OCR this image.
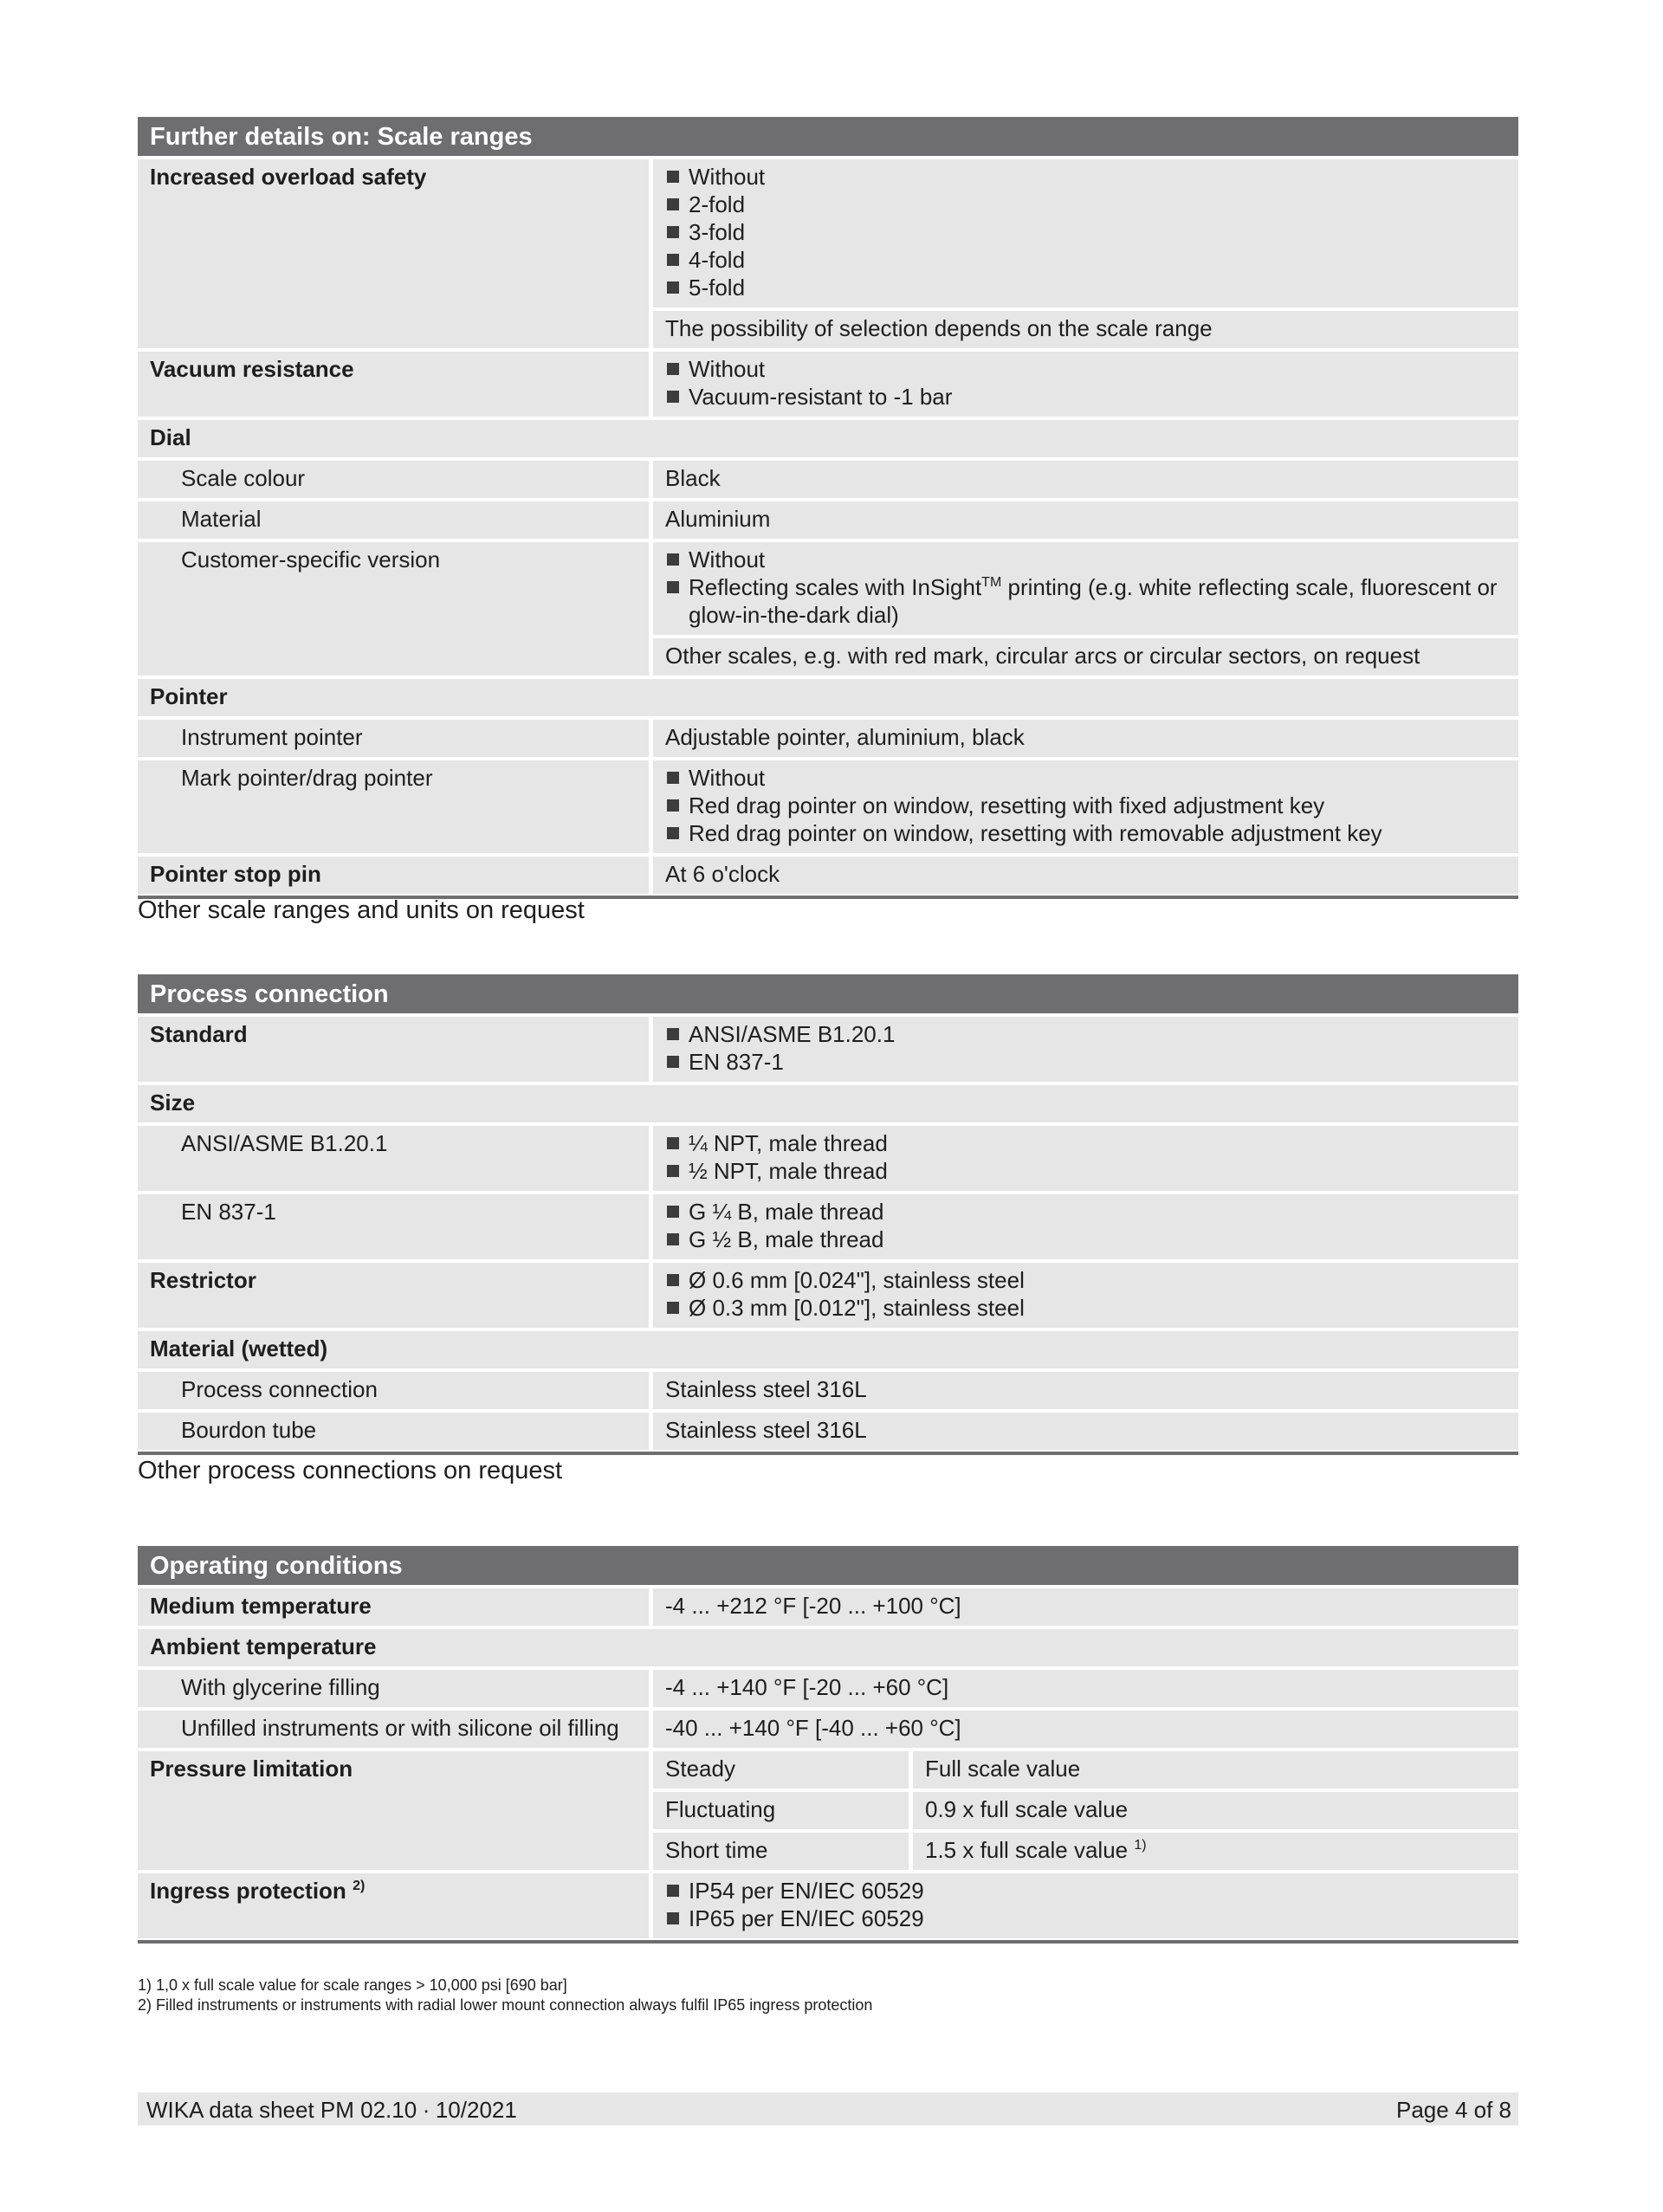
Further details on: Scale ranges
Increased overload safety	Without
2-fold
3-fold
4-fold
5-fold
The possibility of selection depends on the scale range
Vacuum resistance	Without
Vacuum-resistant to -1 bar
Dial
Scale colour	Black
Material	Aluminium
Customer-specific version	Without
Reflecting scales with InSight™ printing (e.g. white reflecting scale, fluorescent or glow-in-the-dark dial)
Other scales, e.g. with red mark, circular arcs or circular sectors, on request
Pointer
Instrument pointer	Adjustable pointer, aluminium, black
Mark pointer/drag pointer	Without
Red drag pointer on window, resetting with fixed adjustment key
Red drag pointer on window, resetting with removable adjustment key
Pointer stop pin	At 6 o'clock
Other scale ranges and units on request
Process connection
Standard	ANSI/ASME B1.20.1
EN 837-1
Size
ANSI/ASME B1.20.1	¼ NPT, male thread
½ NPT, male thread
EN 837-1	G ¼ B, male thread
G ½ B, male thread
Restrictor	Ø 0.6 mm [0.024"], stainless steel
Ø 0.3 mm [0.012"], stainless steel
Material (wetted)
Process connection	Stainless steel 316L
Bourdon tube	Stainless steel 316L
Other process connections on request
Operating conditions
Medium temperature	-4 ... +212 °F [-20 ... +100 °C]
Ambient temperature
With glycerine filling	-4 ... +140 °F [-20 ... +60 °C]
Unfilled instruments or with silicone oil filling	-40 ... +140 °F [-40 ... +60 °C]
Pressure limitation	Steady	Full scale value
Fluctuating	0.9 x full scale value
Short time	1.5 x full scale value $^{1)}$
Ingress protection $^{2)}$	IP54 per EN/IEC 60529
IP65 per EN/IEC 60529
1) 1,0 x full scale value for scale ranges > 10,000 psi [690 bar]
2) Filled instruments or instruments with radial lower mount connection always fulfil IP65 ingress protection
WIKA data sheet PM 02.10 ∙ 10/2021	Page 4 of 8
